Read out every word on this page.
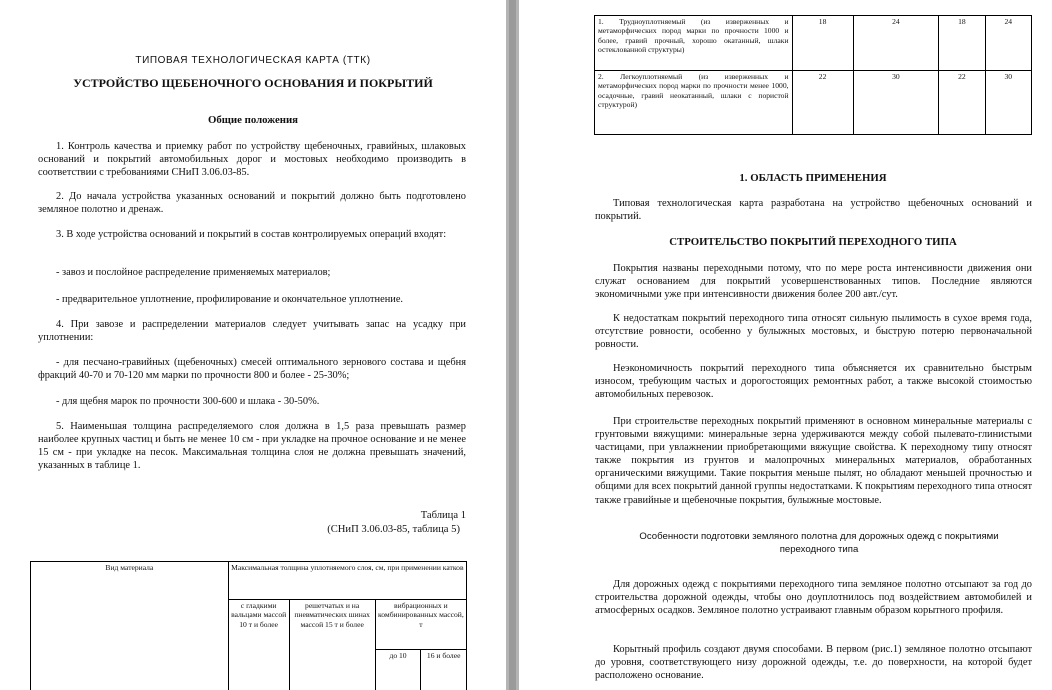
ТИПОВАЯ ТЕХНОЛОГИЧЕСКАЯ КАРТА (ТТК)
УСТРОЙСТВО ЩЕБЕНОЧНОГО ОСНОВАНИЯ И ПОКРЫТИЙ
Общие положения
1. Контроль качества и приемку работ по устройству щебеночных, гравийных, шлаковых оснований и покрытий автомобильных дорог и мостовых необходимо производить в соответствии с требованиями СНиП 3.06.03-85.
2. До начала устройства указанных оснований и покрытий должно быть подготовлено земляное полотно и дренаж.
3. В ходе устройства оснований и покрытий в состав контролируемых операций входят:
- завоз и послойное распределение применяемых материалов;
- предварительное уплотнение, профилирование и окончательное уплотнение.
4. При завозе и распределении материалов следует учитывать запас на усадку при уплотнении:
- для песчано-гравийных (щебеночных) смесей оптимального зернового состава и щебня фракций 40-70 и 70-120 мм марки по прочности 800 и более - 25-30%;
- для щебня марок по прочности 300-600 и шлака - 30-50%.
5. Наименьшая толщина распределяемого слоя должна в 1,5 раза превышать размер наиболее крупных частиц и быть не менее 10 см - при укладке на прочное основание и не менее 15 см - при укладке на песок. Максимальная толщина слоя не должна превышать значений, указанных в таблице 1.
Таблица 1
(СНиП 3.06.03-85, таблица 5)
Вид материала	Максимальная толщина уплотняемого слоя, см, при применении катков			
	с гладкими вальцами массой 10 т и более	решетчатых и на пневматических шинах массой 15 т и более	вибрационных и комбинированных массой, т	
			до 10	16 и более
1. Трудноуплотняемый (из изверженных и метаморфических пород марки по прочности 1000 и более, гравий прочный, хорошо окатанный, шлаки остеклованной структуры)	18	24	18	24
2. Легкоуплотняемый (из изверженных и метаморфических пород марки по прочности менее 1000, осадочные, гравий неокатанный, шлаки с пористой структурой)	22	30	22	30
1. ОБЛАСТЬ ПРИМЕНЕНИЯ
Типовая технологическая карта разработана на устройство щебеночных оснований и покрытий.
СТРОИТЕЛЬСТВО ПОКРЫТИЙ ПЕРЕХОДНОГО ТИПА
Покрытия названы переходными потому, что по мере роста интенсивности движения они служат основанием для покрытий усовершенствованных типов. Последние являются экономичными уже при интенсивности движения более 200 авт./сут.
К недостаткам покрытий переходного типа относят сильную пылимость в сухое время года, отсутствие ровности, особенно у булыжных мостовых, и быструю потерю первоначальной ровности.
Неэкономичность покрытий переходного типа объясняется их сравнительно быстрым износом, требующим частых и дорогостоящих ремонтных работ, а также высокой стоимостью автомобильных перевозок.
При строительстве переходных покрытий применяют в основном минеральные материалы с грунтовыми вяжущими: минеральные зерна удерживаются между собой пылевато-глинистыми частицами, при увлажнении приобретающими вяжущие свойства. К переходному типу относят также покрытия из грунтов и малопрочных минеральных материалов, обработанных органическими вяжущими. Такие покрытия меньше пылят, но обладают меньшей прочностью и общими для всех покрытий данной группы недостатками. К покрытиям переходного типа относят также гравийные и щебеночные покрытия, булыжные мостовые.
Особенности подготовки земляного полотна для дорожных одежд с покрытиями переходного типа
Для дорожных одежд с покрытиями переходного типа земляное полотно отсыпают за год до строительства дорожной одежды, чтобы оно доуплотнилось под воздействием автомобилей и атмосферных осадков. Земляное полотно устраивают главным образом корытного профиля.
Корытный профиль создают двумя способами. В первом (рис.1) земляное полотно отсыпают до уровня, соответствующего низу дорожной одежды, т.е. до поверхности, на которой будет расположено основание.
